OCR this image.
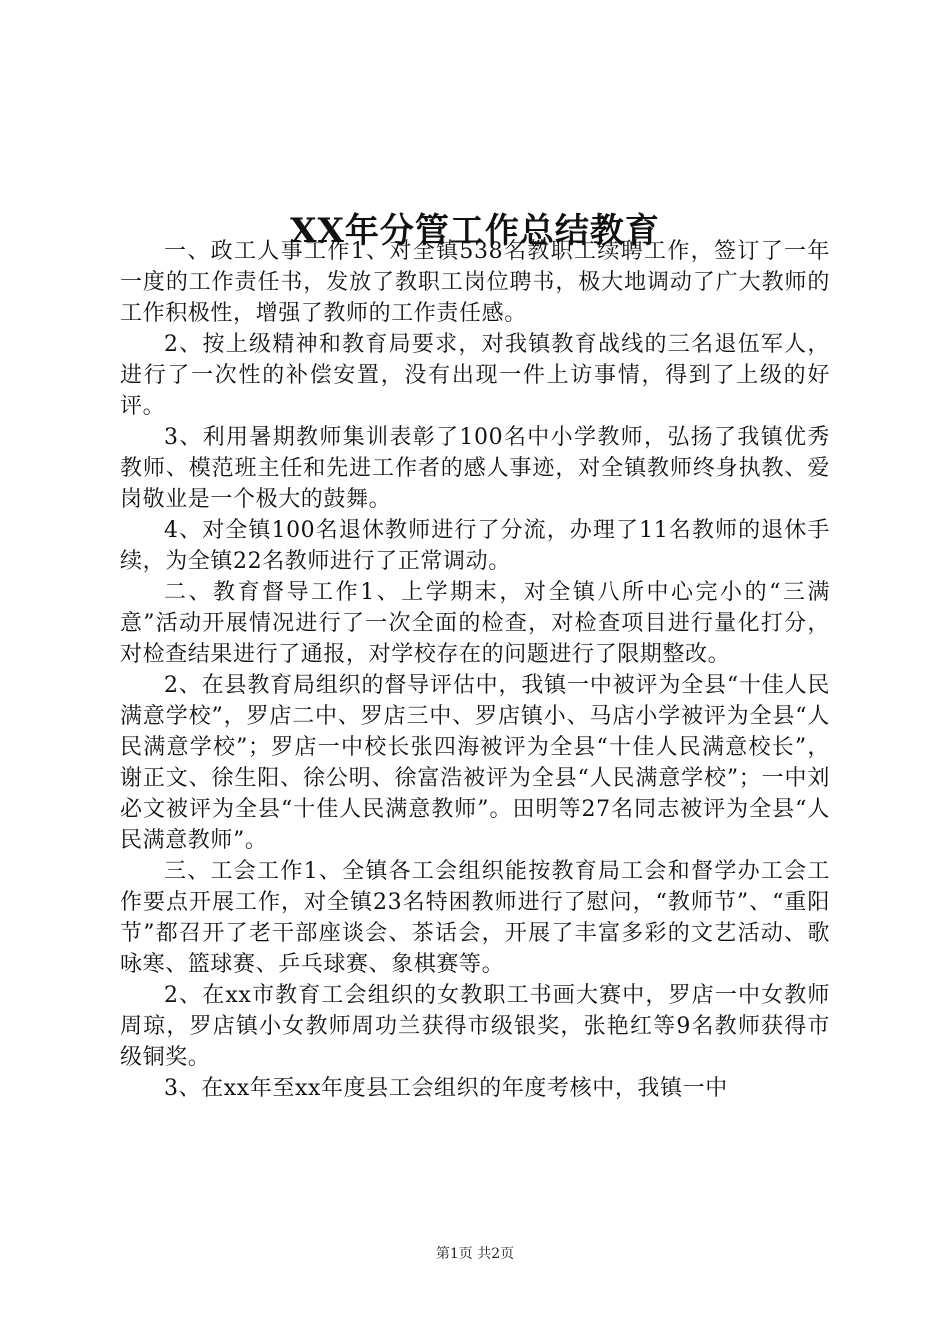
XX年分管工作总结教育

一、政工人事工作1、对全镇538名教职工续聘工作，签订了一年一度的工作责任书，发放了教职工岗位聘书，极大地调动了广大教师的工作积极性，增强了教师的工作责任感。

2、按上级精神和教育局要求，对我镇教育战线的三名退伍军人，进行了一次性的补偿安置，没有出现一件上访事情，得到了上级的好评。

3、利用暑期教师集训表彰了100名中小学教师，弘扬了我镇优秀教师、模范班主任和先进工作者的感人事迹，对全镇教师终身执教、爱岗敬业是一个极大的鼓舞。

4、对全镇100名退休教师进行了分流，办理了11名教师的退休手续，为全镇22名教师进行了正常调动。

二、教育督导工作1、上学期末，对全镇八所中心完小的“三满意”活动开展情况进行了一次全面的检查，对检查项目进行量化打分，对检查结果进行了通报，对学校存在的问题进行了限期整改。

2、在县教育局组织的督导评估中，我镇一中被评为全县“十佳人民满意学校”，罗店二中、罗店三中、罗店镇小、马店小学被评为全县“人民满意学校”；罗店一中校长张四海被评为全县“十佳人民满意校长”，谢正文、徐生阳、徐公明、徐富浩被评为全县“人民满意学校”；一中刘必文被评为全县“十佳人民满意教师”。田明等27名同志被评为全县“人民满意教师”。

三、工会工作1、全镇各工会组织能按教育局工会和督学办工会工作要点开展工作，对全镇23名特困教师进行了慰问，“教师节”、“重阳节”都召开了老干部座谈会、茶话会，开展了丰富多彩的文艺活动、歌咏寒、篮球赛、乒乓球赛、象棋赛等。

2、在xx市教育工会组织的女教职工书画大赛中，罗店一中女教师周琼，罗店镇小女教师周功兰获得市级银奖，张艳红等9名教师获得市级铜奖。

3、在xx年至xx年度县工会组织的年度考核中，我镇一中

第1页 共2页
